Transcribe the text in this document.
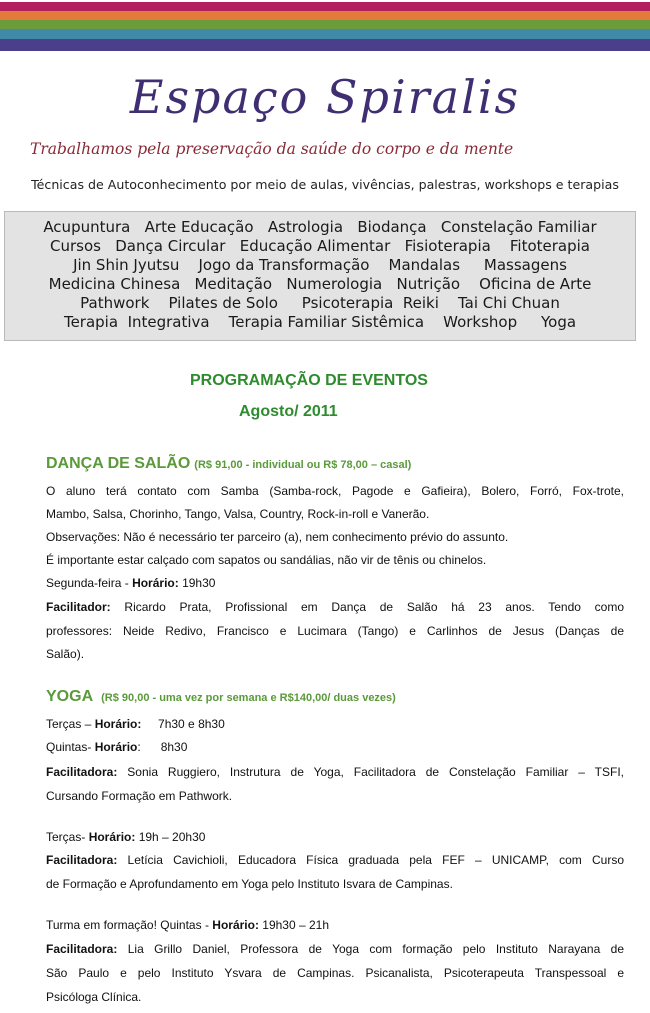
Espaço Spiralis
Trabalhamos pela preservação da saúde do corpo e da mente
Técnicas de Autoconhecimento por meio de aulas, vivências, palestras, workshops e terapias
Acupuntura   Arte Educação   Astrologia   Biodança   Constelação Familiar
Cursos   Dança Circular   Educação Alimentar   Fisioterapia    Fitoterapia
Jin Shin Jyutsu    Jogo da Transformação    Mandalas     Massagens
Medicina Chinesa   Meditação   Numerologia   Nutrição    Oficina de Arte
Pathwork    Pilates de Solo     Psicoterapia  Reiki    Tai Chi Chuan
Terapia  Integrativa    Terapia Familiar Sistêmica    Workshop     Yoga
PROGRAMAÇÃO DE EVENTOS
Agosto/ 2011
DANÇA DE SALÃO (R$ 91,00 - individual ou R$ 78,00 – casal)
O aluno terá contato com Samba (Samba-rock, Pagode e Gafieira), Bolero, Forró, Fox-trote,
Mambo, Salsa, Chorinho, Tango, Valsa, Country, Rock-in-roll e Vanerão.
Observações: Não é necessário ter parceiro (a), nem conhecimento prévio do assunto.
É importante estar calçado com sapatos ou sandálias, não vir de tênis ou chinelos.
Segunda-feira - Horário: 19h30
Facilitador: Ricardo Prata, Profissional em Dança de Salão há 23 anos. Tendo como
professores: Neide Redivo, Francisco e Lucimara (Tango) e Carlinhos de Jesus (Danças de
Salão).
YOGA (R$ 90,00 - uma vez por semana e R$140,00/ duas vezes)
Terças – Horário:     7h30 e 8h30
Quintas- Horário:      8h30
Facilitadora: Sonia Ruggiero, Instrutura de Yoga, Facilitadora de Constelação Familiar – TSFI,
Cursando Formação em Pathwork.
Terças- Horário: 19h – 20h30
Facilitadora: Letícia Cavichioli, Educadora Física graduada pela FEF – UNICAMP, com Curso
de Formação e Aprofundamento em Yoga pelo Instituto Isvara de Campinas.
Turma em formação! Quintas - Horário: 19h30 – 21h
Facilitadora: Lia Grillo Daniel, Professora de Yoga com formação pelo Instituto Narayana de
São Paulo e pelo Instituto Ysvara de Campinas. Psicanalista, Psicoterapeuta Transpessoal e
Psicóloga Clínica.
